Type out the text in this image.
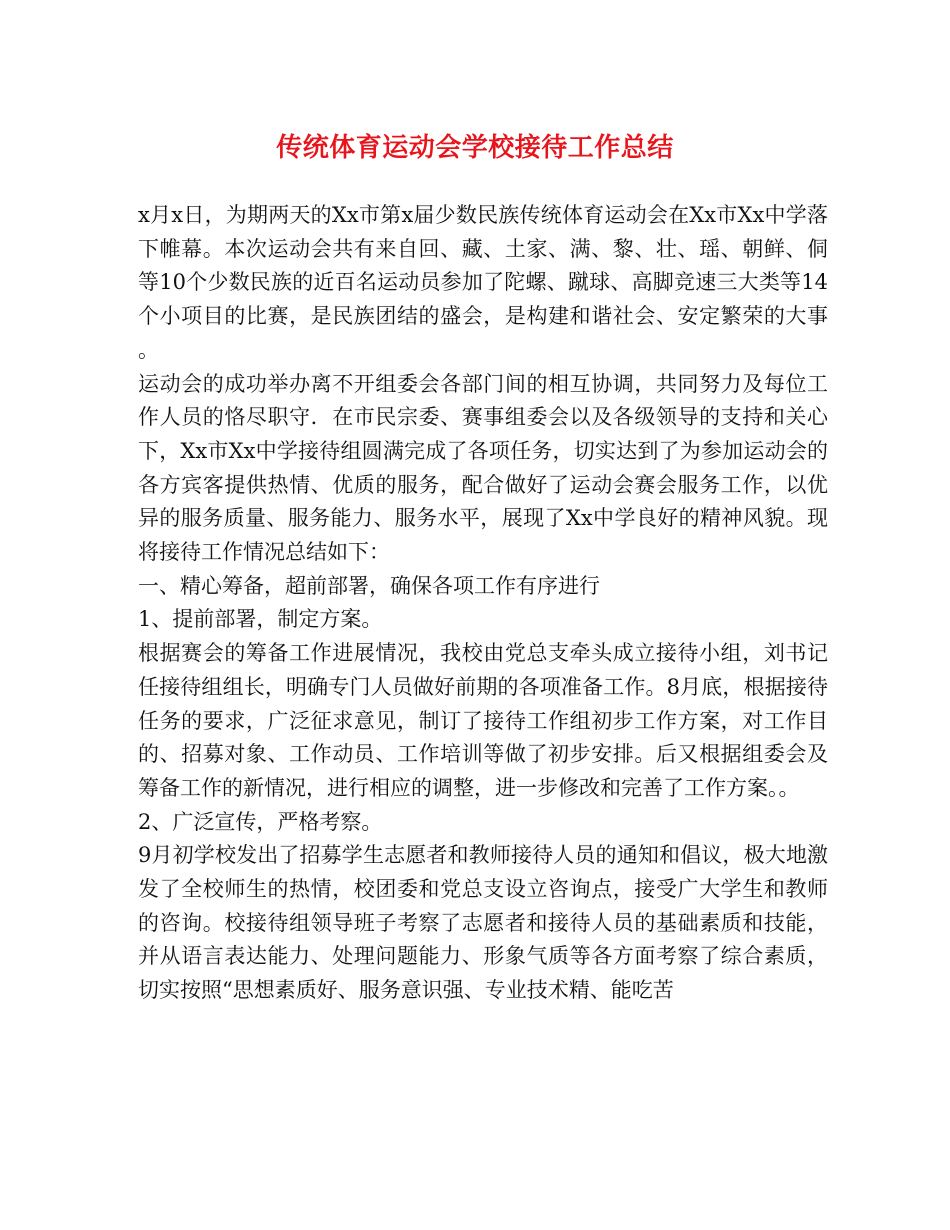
传统体育运动会学校接待工作总结

x月x日，为期两天的Xx市第x届少数民族传统体育运动会在Xx市Xx中学落下帷幕。本次运动会共有来自回、藏、土家、满、黎、壮、瑶、朝鲜、侗等10个少数民族的近百名运动员参加了陀螺、蹴球、高脚竞速三大类等14个小项目的比赛，是民族团结的盛会，是构建和谐社会、安定繁荣的大事。

运动会的成功举办离不开组委会各部门间的相互协调，共同努力及每位工作人员的恪尽职守．在市民宗委、赛事组委会以及各级领导的支持和关心下，Xx市Xx中学接待组圆满完成了各项任务，切实达到了为参加运动会的各方宾客提供热情、优质的服务，配合做好了运动会赛会服务工作，以优异的服务质量、服务能力、服务水平，展现了Xx中学良好的精神风貌。现将接待工作情况总结如下：

一、精心筹备，超前部署，确保各项工作有序进行

1、提前部署，制定方案。

根据赛会的筹备工作进展情况，我校由党总支牵头成立接待小组，刘书记任接待组组长，明确专门人员做好前期的各项准备工作。8月底，根据接待任务的要求，广泛征求意见，制订了接待工作组初步工作方案，对工作目的、招募对象、工作动员、工作培训等做了初步安排。后又根据组委会及筹备工作的新情况，进行相应的调整，进一步修改和完善了工作方案。。

2、广泛宣传，严格考察。

9月初学校发出了招募学生志愿者和教师接待人员的通知和倡议，极大地激发了全校师生的热情，校团委和党总支设立咨询点，接受广大学生和教师的咨询。校接待组领导班子考察了志愿者和接待人员的基础素质和技能，并从语言表达能力、处理问题能力、形象气质等各方面考察了综合素质，切实按照“思想素质好、服务意识强、专业技术精、能吃苦
